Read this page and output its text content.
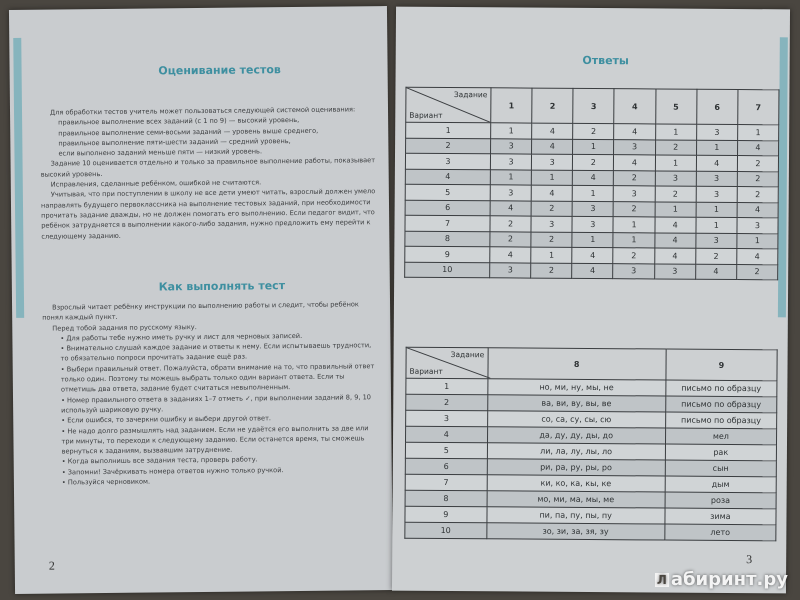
Оценивание тестов

Для обработки тестов учитель может пользоваться следующей системой оценивания:

правильное выполнение всех заданий (с 1 по 9) — высокий уровень,

правильное выполнение семи-восьми заданий — уровень выше среднего,

правильное выполнение пяти-шести заданий — средний уровень,

если выполнено заданий меньше пяти — низкий уровень.

Задание 10 оценивается отдельно и только за правильное выполнение работы, показывает высокий уровень.

Исправления, сделанные ребёнком, ошибкой не считаются.

Учитывая, что при поступлении в школу не все дети умеют читать, взрослый должен умело направлять будущего первоклассника на выполнение тестовых заданий, при необходимости прочитать задание дважды, но не должен помогать его выполнению. Если педагог видит, что ребёнок затрудняется в выполнении какого-либо задания, нужно предложить ему перейти к следующему заданию.

Как выполнять тест

Взрослый читает ребёнку инструкции по выполнению работы и следит, чтобы ребёнок понял каждый пункт.

Перед тобой задания по русскому языку.

• Для работы тебе нужно иметь ручку и лист для черновых записей.

• Внимательно слушай каждое задание и ответы к нему. Если испытываешь трудности, то обязательно попроси прочитать задание ещё раз.

• Выбери правильный ответ. Пожалуйста, обрати внимание на то, что правильный ответ только один. Поэтому ты можешь выбрать только один вариант ответа. Если ты отметишь два ответа, задание будет считаться невыполненным.

• Номер правильного ответа в заданиях 1–7 отметь ✓, при выполнении заданий 8, 9, 10 используй шариковую ручку.

• Если ошибся, то зачеркни ошибку и выбери другой ответ.

• Не надо долго размышлять над заданием. Если не удаётся его выполнить за две или три минуты, то переходи к следующему заданию. Если останется время, ты сможешь вернуться к заданиям, вызвавшим затруднение.

• Когда выполнишь все задания теста, проверь работу.

• Запомни! Зачёркивать номера ответов нужно только ручкой.

• Пользуйся черновиком.

2
Ответы
Задание
Вариант	1	2	3	4	5	6	7
1	1	4	2	4	1	3	1
2	3	4	1	3	2	1	4
3	3	3	2	4	1	4	2
4	1	1	4	2	3	3	2
5	3	4	1	3	2	3	2
6	4	2	3	2	1	1	4
7	2	3	3	1	4	1	3
8	2	2	1	1	4	3	1
9	4	1	4	2	4	2	4
10	3	2	4	3	3	4	2
Задание
Вариант	8	9
1	но, ми, ну, мы, не	письмо по образцу
2	ва, ви, ву, вы, ве	письмо по образцу
3	со, са, су, сы, сю	письмо по образцу
4	да, ду, ду, ды, до	мел
5	ли, ла, лу, лы, ло	рак
6	ри, ра, ру, ры, ро	сын
7	ки, ко, ка, кы, ке	дым
8	мо, ми, ма, мы, ме	роза
9	пи, па, пу, пы, пу	зима
10	зо, зи, за, зя, зу	лето
3
Л абиринт.ру
